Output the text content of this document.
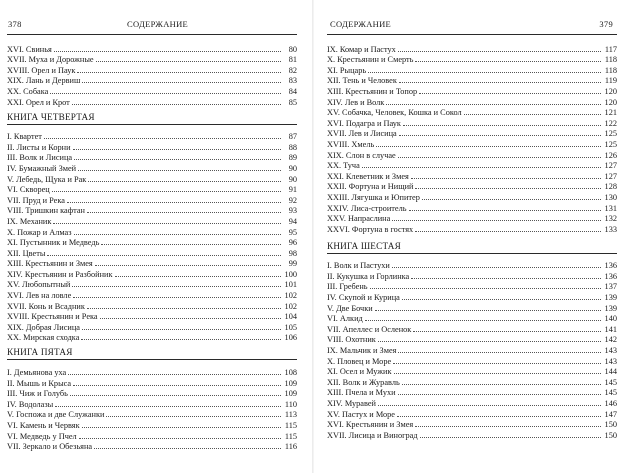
378	СОДЕРЖАНИЕ
XVI. Свинья	80
XVII. Муха и Дорожные	81
XVIII. Орел и Паук	82
XIX. Лань и Дервиш	83
XX. Собака	84
XXI. Орел и Крот	85
КНИГА ЧЕТВЕРТАЯ
I. Квартет	87
II. Листы и Корни	88
III. Волк и Лисица	89
IV. Бумажный Змей	90
V. Лебедь, Щука и Рак	90
VI. Скворец	91
VII. Пруд и Река	92
VIII. Тришкин кафтан	93
IX. Механик	94
X. Пожар и Алмаз	95
XI. Пустынник и Медведь	96
XII. Цветы	98
XIII. Крестьянин и Змея	99
XIV. Крестьянин и Разбойник	100
XV. Любопытный	101
XVI. Лев на ловле	102
XVII. Конь и Всадник	102
XVIII. Крестьянин и Река	104
XIX. Добрая Лисица	105
XX. Мирская сходка	106
КНИГА ПЯТАЯ
I. Демьянова уха	108
II. Мышь и Крыса	109
III. Чиж и Голубь	109
IV. Водолазы	110
V. Госпожа и две Служанки	113
VI. Камень и Червяк	115
VI. Медведь у Пчел	115
VII. Зеркало и Обезьяна	116
СОДЕРЖАНИЕ	379
IX. Комар и Пастух	117
X. Крестьянин и Смерть	118
XI. Рыцарь	118
XII. Тень и Человек	119
XIII. Крестьянин и Топор	120
XIV. Лев и Волк	120
XV. Собачка, Человек, Кошка и Сокол	121
XVI. Подагра и Паук	122
XVII. Лев и Лисица	125
XVIII. Хмель	125
XIX. Слон в случае	126
XX. Туча	127
XXI. Клеветник и Змея	127
XXII. Фортуна и Нищий	128
XXIII. Лягушка и Юпитер	130
XXIV. Лиса-строитель	131
XXV. Напраслина	132
XXVI. Фортуна в гостях	133
КНИГА ШЕСТАЯ
I. Волк и Пастухи	136
II. Кукушка и Горлинка	136
III. Гребень	137
IV. Скупой и Курица	139
V. Две Бочки	139
VI. Алкид	140
VII. Апеллес и Осленок	141
VIII. Охотник	142
IX. Мальчик и Змея	143
X. Пловец и Море	143
XI. Осел и Мужик	144
XII. Волк и Журавль	145
XIII. Пчела и Мухи	145
XIV. Муравей	146
XV. Пастух и Море	147
XVI. Крестьянин и Змея	150
XVII. Лисица и Виноград	150
